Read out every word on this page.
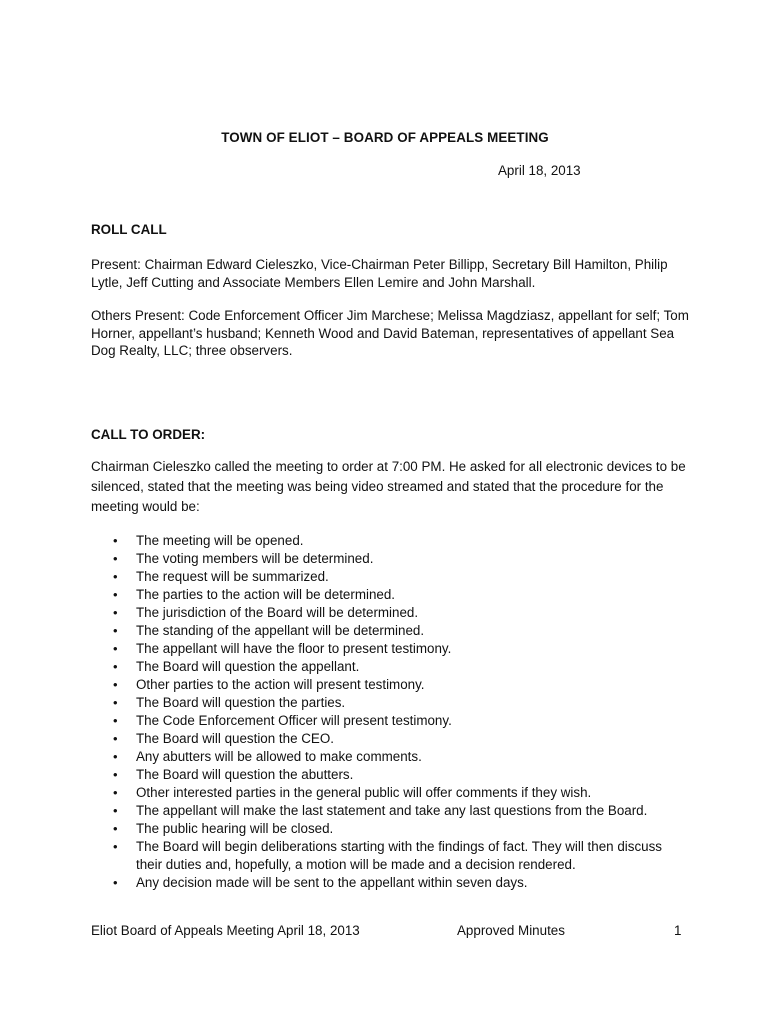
TOWN OF ELIOT – BOARD OF APPEALS MEETING
April 18, 2013
ROLL CALL
Present: Chairman Edward Cieleszko, Vice-Chairman Peter Billipp, Secretary Bill Hamilton, Philip Lytle, Jeff Cutting and Associate Members Ellen Lemire and John Marshall.
Others Present: Code Enforcement Officer Jim Marchese; Melissa Magdziasz, appellant for self; Tom Horner, appellant’s husband; Kenneth Wood and David Bateman, representatives of appellant Sea Dog Realty, LLC; three observers.
CALL TO ORDER:
Chairman Cieleszko called the meeting to order at 7:00 PM. He asked for all electronic devices to be silenced, stated that the meeting was being video streamed and stated that the procedure for the meeting would be:
• The meeting will be opened.
• The voting members will be determined.
• The request will be summarized.
• The parties to the action will be determined.
• The jurisdiction of the Board will be determined.
• The standing of the appellant will be determined.
• The appellant will have the floor to present testimony.
• The Board will question the appellant.
• Other parties to the action will present testimony.
• The Board will question the parties.
• The Code Enforcement Officer will present testimony.
• The Board will question the CEO.
• Any abutters will be allowed to make comments.
• The Board will question the abutters.
• Other interested parties in the general public will offer comments if they wish.
• The appellant will make the last statement and take any last questions from the Board.
• The public hearing will be closed.
• The Board will begin deliberations starting with the findings of fact. They will then discuss their duties and, hopefully, a motion will be made and a decision rendered.
• Any decision made will be sent to the appellant within seven days.
Eliot Board of Appeals Meeting April 18, 2013	Approved Minutes	1
